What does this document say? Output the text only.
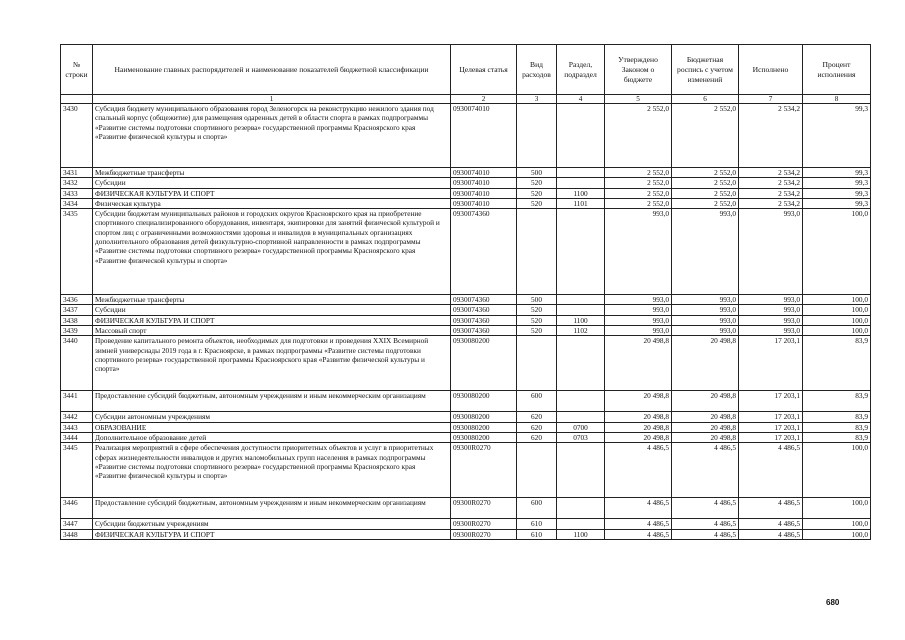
№ строки	Наименование главных распорядителей и наименование показателей бюджетной классификации	Целевая статья	Вид расходов	Раздел, подраздел	Утверждено Законом о бюджете	Бюджетная роспись с учетом изменений	Исполнено	Процент исполнения
	1	2	3	4	5	6	7	8
3430	Субсидия бюджету муниципального образования город Зеленогорск на реконструкцию нежилого здания под спальный корпус (общежитие) для размещения одаренных детей в области спорта в рамках подпрограммы «Развитие системы подготовки спортивного резерва» государственной программы Красноярского края «Развитие физической культуры и спорта»	0930074010			2 552,0	2 552,0	2 534,2	99,3
3431	Межбюджетные трансферты	0930074010	500		2 552,0	2 552,0	2 534,2	99,3
3432	Субсидии	0930074010	520		2 552,0	2 552,0	2 534,2	99,3
3433	ФИЗИЧЕСКАЯ КУЛЬТУРА И СПОРТ	0930074010	520	1100	2 552,0	2 552,0	2 534,2	99,3
3434	Физическая культура	0930074010	520	1101	2 552,0	2 552,0	2 534,2	99,3
3435	Субсидии бюджетам муниципальных районов и городских округов Красноярского края на приобретение спортивного специализированного оборудования, инвентаря, экипировки для занятий физической культурой и спортом лиц с ограниченными возможностями здоровья и инвалидов в муниципальных организациях дополнительного образования детей физкультурно-спортивной направленности в рамках подпрограммы «Развитие системы подготовки спортивного резерва» государственной программы Красноярского края «Развитие физической культуры и спорта»	0930074360			993,0	993,0	993,0	100,0
3436	Межбюджетные трансферты	0930074360	500		993,0	993,0	993,0	100,0
3437	Субсидии	0930074360	520		993,0	993,0	993,0	100,0
3438	ФИЗИЧЕСКАЯ КУЛЬТУРА И СПОРТ	0930074360	520	1100	993,0	993,0	993,0	100,0
3439	Массовый спорт	0930074360	520	1102	993,0	993,0	993,0	100,0
3440	Проведение капитального ремонта объектов, необходимых для подготовки и проведения XXIX Всемирной зимней универсиады 2019 года в г. Красноярске, в рамках подпрограммы «Развитие системы подготовки спортивного резерва» государственной программы Красноярского края «Развитие физической культуры и спорта»	0930080200			20 498,8	20 498,8	17 203,1	83,9
3441	Предоставление субсидий бюджетным, автономным учреждениям и иным некоммерческим организациям	0930080200	600		20 498,8	20 498,8	17 203,1	83,9
3442	Субсидии автономным учреждениям	0930080200	620		20 498,8	20 498,8	17 203,1	83,9
3443	ОБРАЗОВАНИЕ	0930080200	620	0700	20 498,8	20 498,8	17 203,1	83,9
3444	Дополнительное образование детей	0930080200	620	0703	20 498,8	20 498,8	17 203,1	83,9
3445	Реализация мероприятий в сфере обеспечения доступности приоритетных объектов и услуг в приоритетных сферах жизнедеятельности инвалидов и других маломобильных групп населения в рамках подпрограммы «Развитие системы подготовки спортивного резерва» государственной программы Красноярского края «Развитие физической культуры и спорта»	09300R0270			4 486,5	4 486,5	4 486,5	100,0
3446	Предоставление субсидий бюджетным, автономным учреждениям и иным некоммерческим организациям	09300R0270	600		4 486,5	4 486,5	4 486,5	100,0
3447	Субсидии бюджетным учреждениям	09300R0270	610		4 486,5	4 486,5	4 486,5	100,0
3448	ФИЗИЧЕСКАЯ КУЛЬТУРА И СПОРТ	09300R0270	610	1100	4 486,5	4 486,5	4 486,5	100,0
680
